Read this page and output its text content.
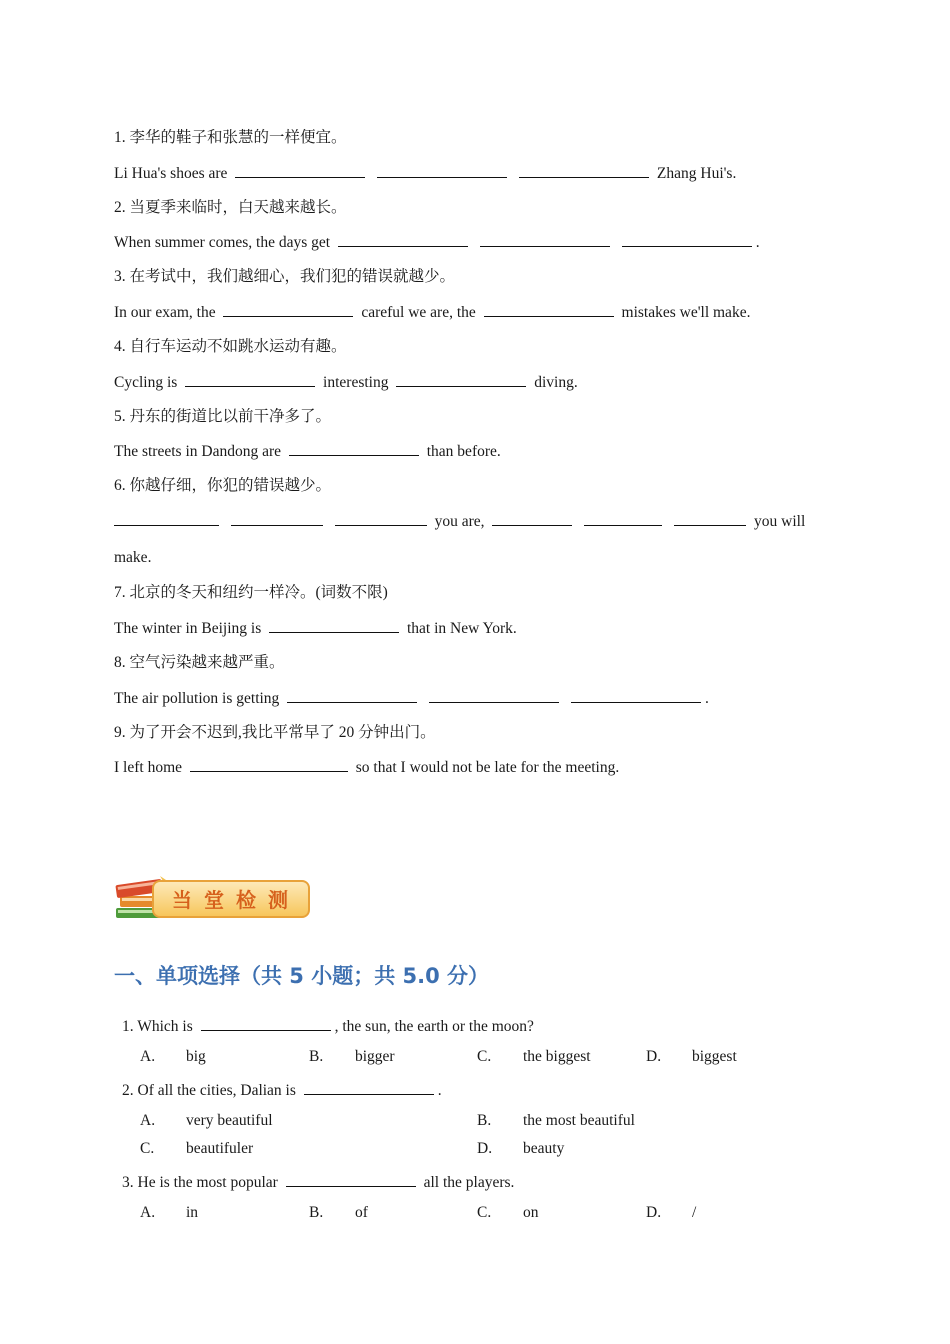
1. 李华的鞋子和张慧的一样便宜。
Li Hua's shoes are	Zhang Hui's.
2. 当夏季来临时，白天越来越长。
When summer comes, the days get	.
3. 在考试中，我们越细心，我们犯的错误就越少。
In our exam, the	careful we are, the	mistakes we'll make.
4. 自行车运动不如跳水运动有趣。
Cycling is	interesting	diving.
5. 丹东的街道比以前干净多了。
The streets in Dandong are	than before.
6. 你越仔细，你犯的错误越少。
you are,	you will
make.
7. 北京的冬天和纽约一样冷。(词数不限)
The winter in Beijing is	that in New York.
8. 空气污染越来越严重。
The air pollution is getting	.
9. 为了开会不迟到,我比平常早了 20 分钟出门。
I left home	so that I would not be late for the meeting.
当堂检测
一、单项选择（共 5 小题；共 5.0 分）
1. Which is	, the sun, the earth or the moon?
A. big	B. bigger	C. the biggest	D. biggest
2. Of all the cities, Dalian is	.
A. very beautiful	B. the most beautiful
C. beautifuler	D. beauty
3. He is the most popular	all the players.
A. in	B. of	C. on	D. /
